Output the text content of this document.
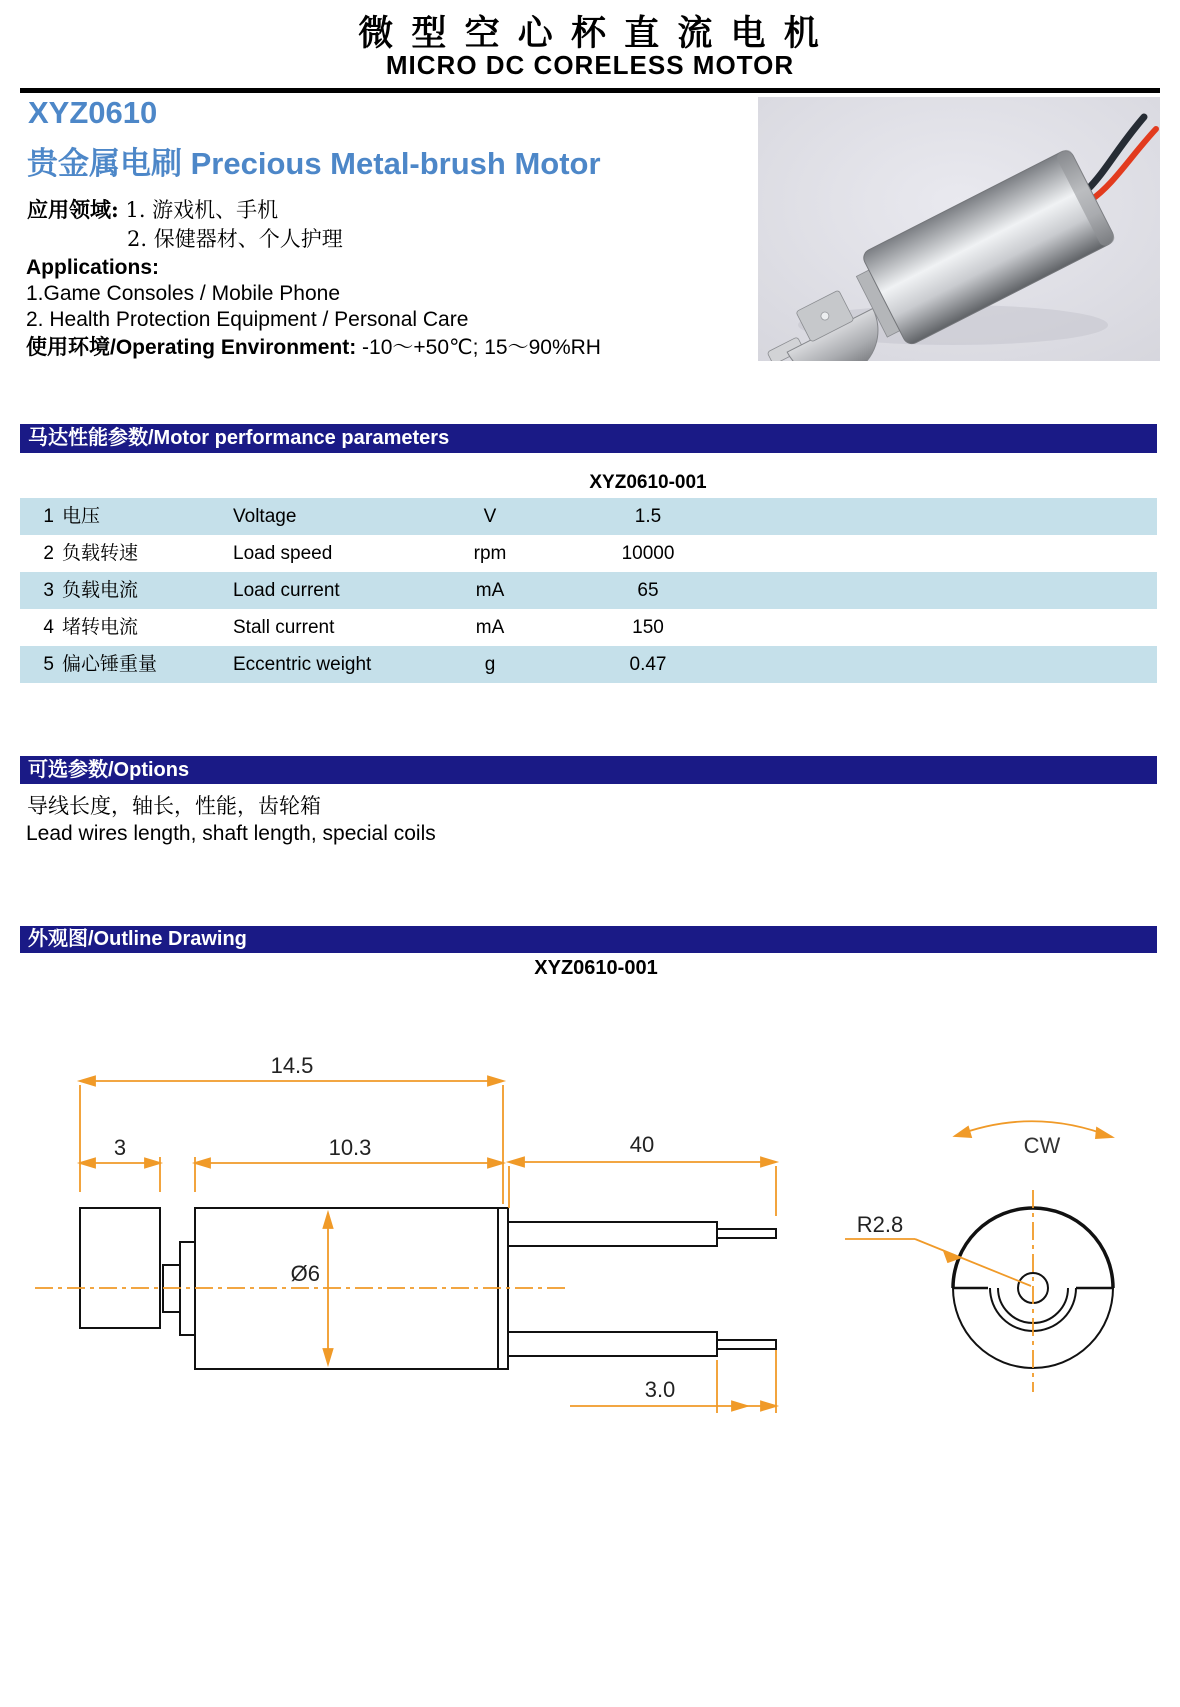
微 型 空 心 杯 直 流 电 机
MICRO DC CORELESS MOTOR
XYZ0610
贵金属电刷 Precious Metal-brush Motor
应用领域: 1. 游戏机、手机
2. 保健器材、个人护理
Applications:
1.Game Consoles / Mobile Phone
2. Health Protection Equipment / Personal Care
使用环境/Operating Environment: -10～+50℃; 15～90%RH
马达性能参数/Motor performance parameters
XYZ0610-001
1 电压	Voltage	V	1.5
2 负载转速	Load speed	rpm	10000
3 负载电流	Load current	mA	65
4 堵转电流	Stall current	mA	150
5 偏心锤重量	Eccentric weight	g	0.47
可选参数/Options
导线长度，轴长，性能，齿轮箱
Lead wires length, shaft length, special coils
外观图/Outline Drawing
XYZ0610-001
14.5
3	10.3	40
Ø6
3.0
R2.8
CW
